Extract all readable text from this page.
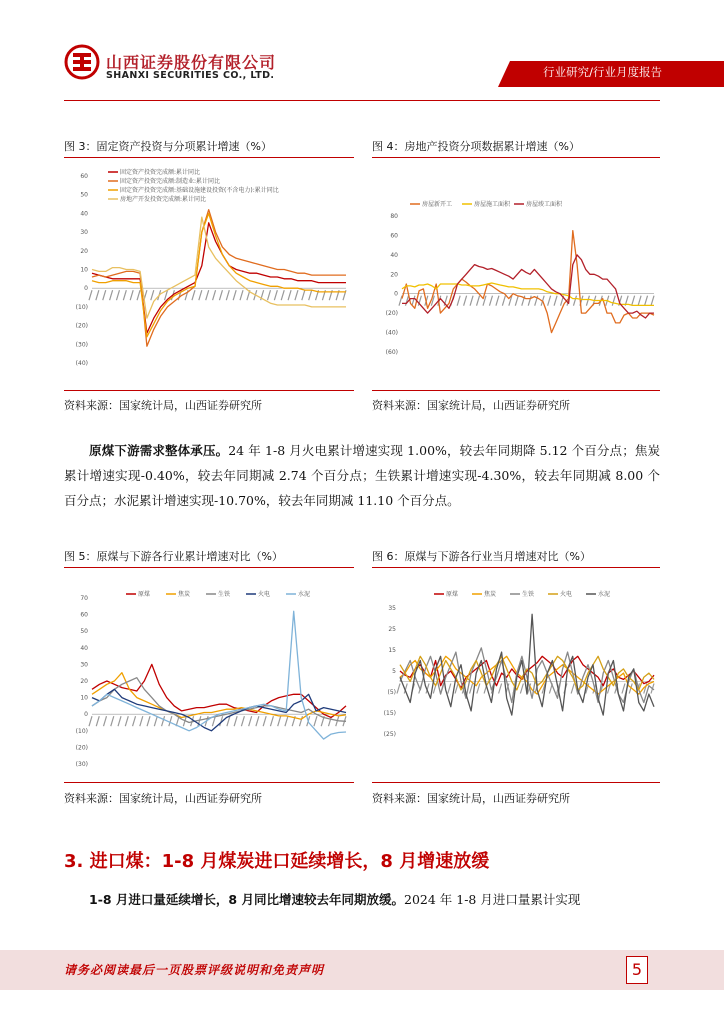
山西证券股份有限公司
SHANXI SECURITIES CO., LTD.	行业研究/行业月度报告
图 3：固定资产投资与分项累计增速（%）
60
50
40
30
20
10
0
(10)
(20)
(30)
(40)
固定资产投资完成额:累计同比
固定资产投资完成额:制造业:累计同比
固定资产投资完成额:基础设施建设投资(不含电力):累计同比
房地产开发投资完成额:累计同比
资料来源：国家统计局，山西证券研究所
图 4：房地产投资分项数据累计增速（%）
80
60
40
20
0
(20)
(40)
(60)
房屋新开工	房屋施工面积	房屋竣工面积
资料来源：国家统计局，山西证券研究所
原煤下游需求整体承压。24 年 1-8 月火电累计增速实现 1.00%，较去年同期降 5.12 个百分点；焦炭累计增速实现-0.40%，较去年同期减 2.74 个百分点；生铁累计增速实现-4.30%，较去年同期减 8.00 个百分点；水泥累计增速实现-10.70%，较去年同期减 11.10 个百分点。
图 5：原煤与下游各行业累计增速对比（%）
70
60
50
40
30
20
10
0
(10)
(20)
(30)
原煤	焦炭	生铁	火电	水泥
资料来源：国家统计局，山西证券研究所
图 6：原煤与下游各行业当月增速对比（%）
35
25
15
5
(5)
(15)
(25)
原煤	焦炭	生铁	火电	水泥
资料来源：国家统计局，山西证券研究所
3. 进口煤：1-8 月煤炭进口延续增长，8 月增速放缓
1-8 月进口量延续增长，8 月同比增速较去年同期放缓。2024 年 1-8 月进口量累计实现
请务必阅读最后一页股票评级说明和免责声明	5
